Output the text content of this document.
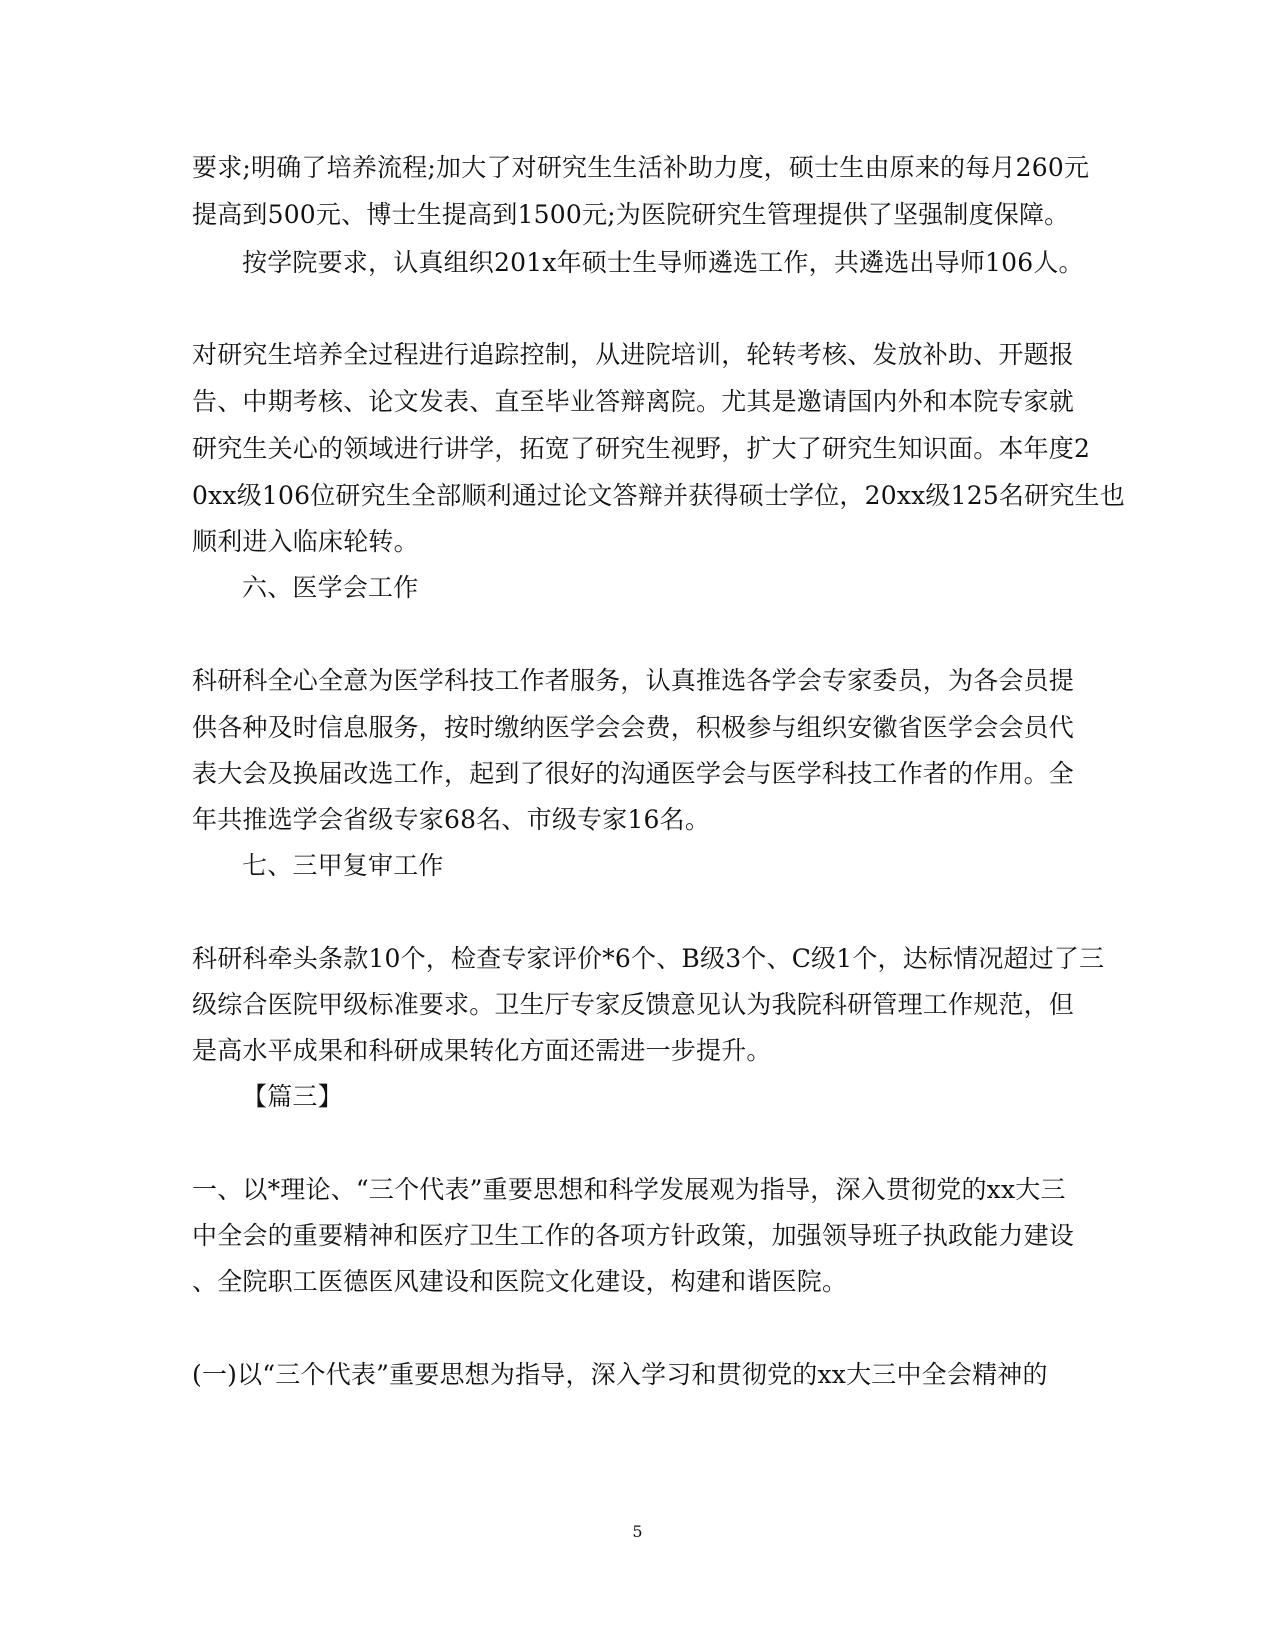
要求;明确了培养流程;加大了对研究生生活补助力度，硕士生由原来的每月260元
提高到500元、博士生提高到1500元;为医院研究生管理提供了坚强制度保障。
按学院要求，认真组织201x年硕士生导师遴选工作，共遴选出导师106人。
对研究生培养全过程进行追踪控制，从进院培训，轮转考核、发放补助、开题报
告、中期考核、论文发表、直至毕业答辩离院。尤其是邀请国内外和本院专家就
研究生关心的领域进行讲学，拓宽了研究生视野，扩大了研究生知识面。本年度2
0xx级106位研究生全部顺利通过论文答辩并获得硕士学位，20xx级125名研究生也
顺利进入临床轮转。
六、医学会工作
科研科全心全意为医学科技工作者服务，认真推选各学会专家委员，为各会员提
供各种及时信息服务，按时缴纳医学会会费，积极参与组织安徽省医学会会员代
表大会及换届改选工作，起到了很好的沟通医学会与医学科技工作者的作用。全
年共推选学会省级专家68名、市级专家16名。
七、三甲复审工作
科研科牵头条款10个，检查专家评价*6个、B级3个、C级1个，达标情况超过了三
级综合医院甲级标准要求。卫生厅专家反馈意见认为我院科研管理工作规范，但
是高水平成果和科研成果转化方面还需进一步提升。
【篇三】
一、以*理论、“三个代表”重要思想和科学发展观为指导，深入贯彻党的xx大三
中全会的重要精神和医疗卫生工作的各项方针政策，加强领导班子执政能力建设
、全院职工医德医风建设和医院文化建设，构建和谐医院。
(一)以“三个代表”重要思想为指导，深入学习和贯彻党的xx大三中全会精神的
5
